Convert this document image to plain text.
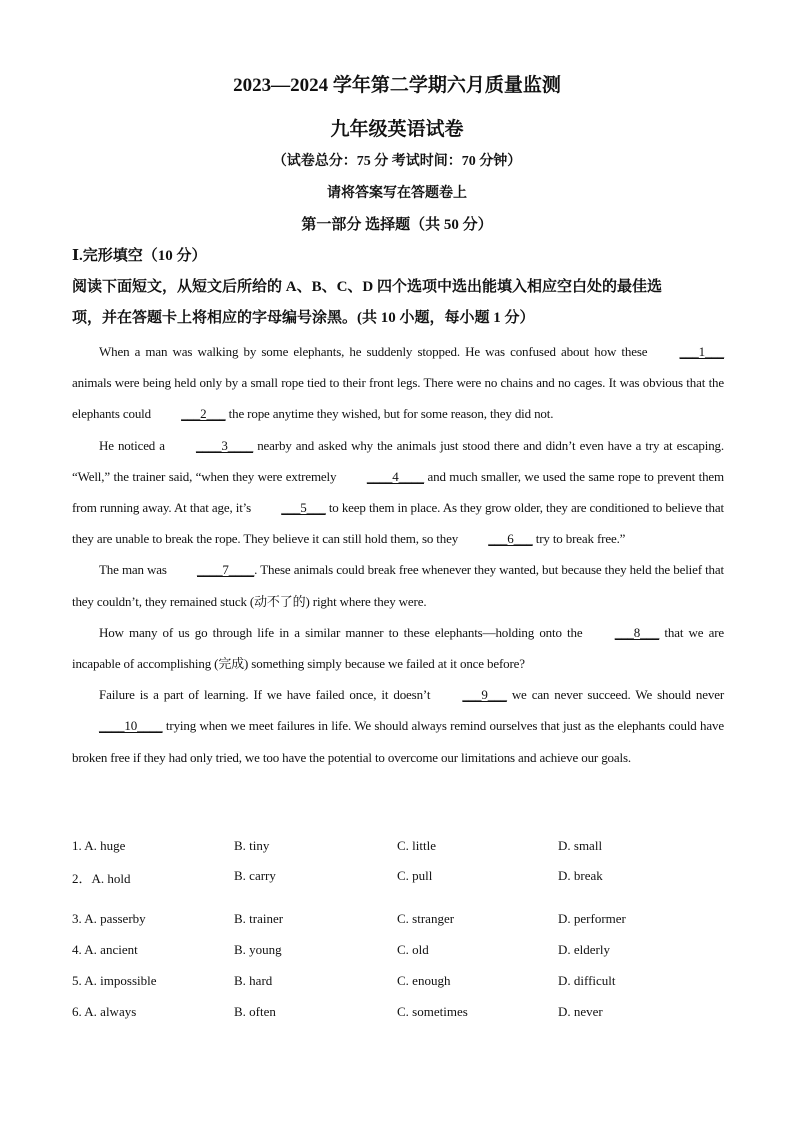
2023—2024 学年第二学期六月质量监测
九年级英语试卷
（试卷总分：75 分 考试时间：70 分钟）
请将答案写在答题卷上
第一部分 选择题（共 50 分）
Ⅰ.完形填空（10 分）
阅读下面短文，从短文后所给的 A、B、C、D 四个选项中选出能填入相应空白处的最佳选
项，并在答题卡上将相应的字母编号涂黑。(共 10 小题，每小题 1 分）

When a man was walking by some elephants, he suddenly stopped. He was confused about how these ___1___ animals were being held only by a small rope tied to their front legs. There were no chains and no cages. It was obvious that the elephants could ___2___ the rope anytime they wished, but for some reason, they did not.

He noticed a ____3____ nearby and asked why the animals just stood there and didn’t even have a try at escaping. “Well,” the trainer said, “when they were extremely ____4____ and much smaller, we used the same rope to prevent them from running away. At that age, it’s ___5___ to keep them in place. As they grow older, they are conditioned to believe that they are unable to break the rope. They believe it can still hold them, so they ___6___ try to break free.”

The man was ____7____. These animals could break free whenever they wanted, but because they held the belief that they couldn’t, they remained stuck (动不了的) right where they were.

How many of us go through life in a similar manner to these elephants—holding onto the ___8___ that we are incapable of accomplishing (完成) something simply because we failed at it once before?

Failure is a part of learning. If we have failed once, it doesn’t ___9___ we can never succeed. We should never ____10____ trying when we meet failures in life. We should always remind ourselves that just as the elephants could have broken free if they had only tried, we too have the potential to overcome our limitations and achieve our goals.

1. A. huge	B. tiny	C. little	D. small
2．A. hold	B. carry	C. pull	D. break
3. A. passerby	B. trainer	C. stranger	D. performer
4. A. ancient	B. young	C. old	D. elderly
5. A. impossible	B. hard	C. enough	D. difficult
6. A. always	B. often	C. sometimes	D. never
